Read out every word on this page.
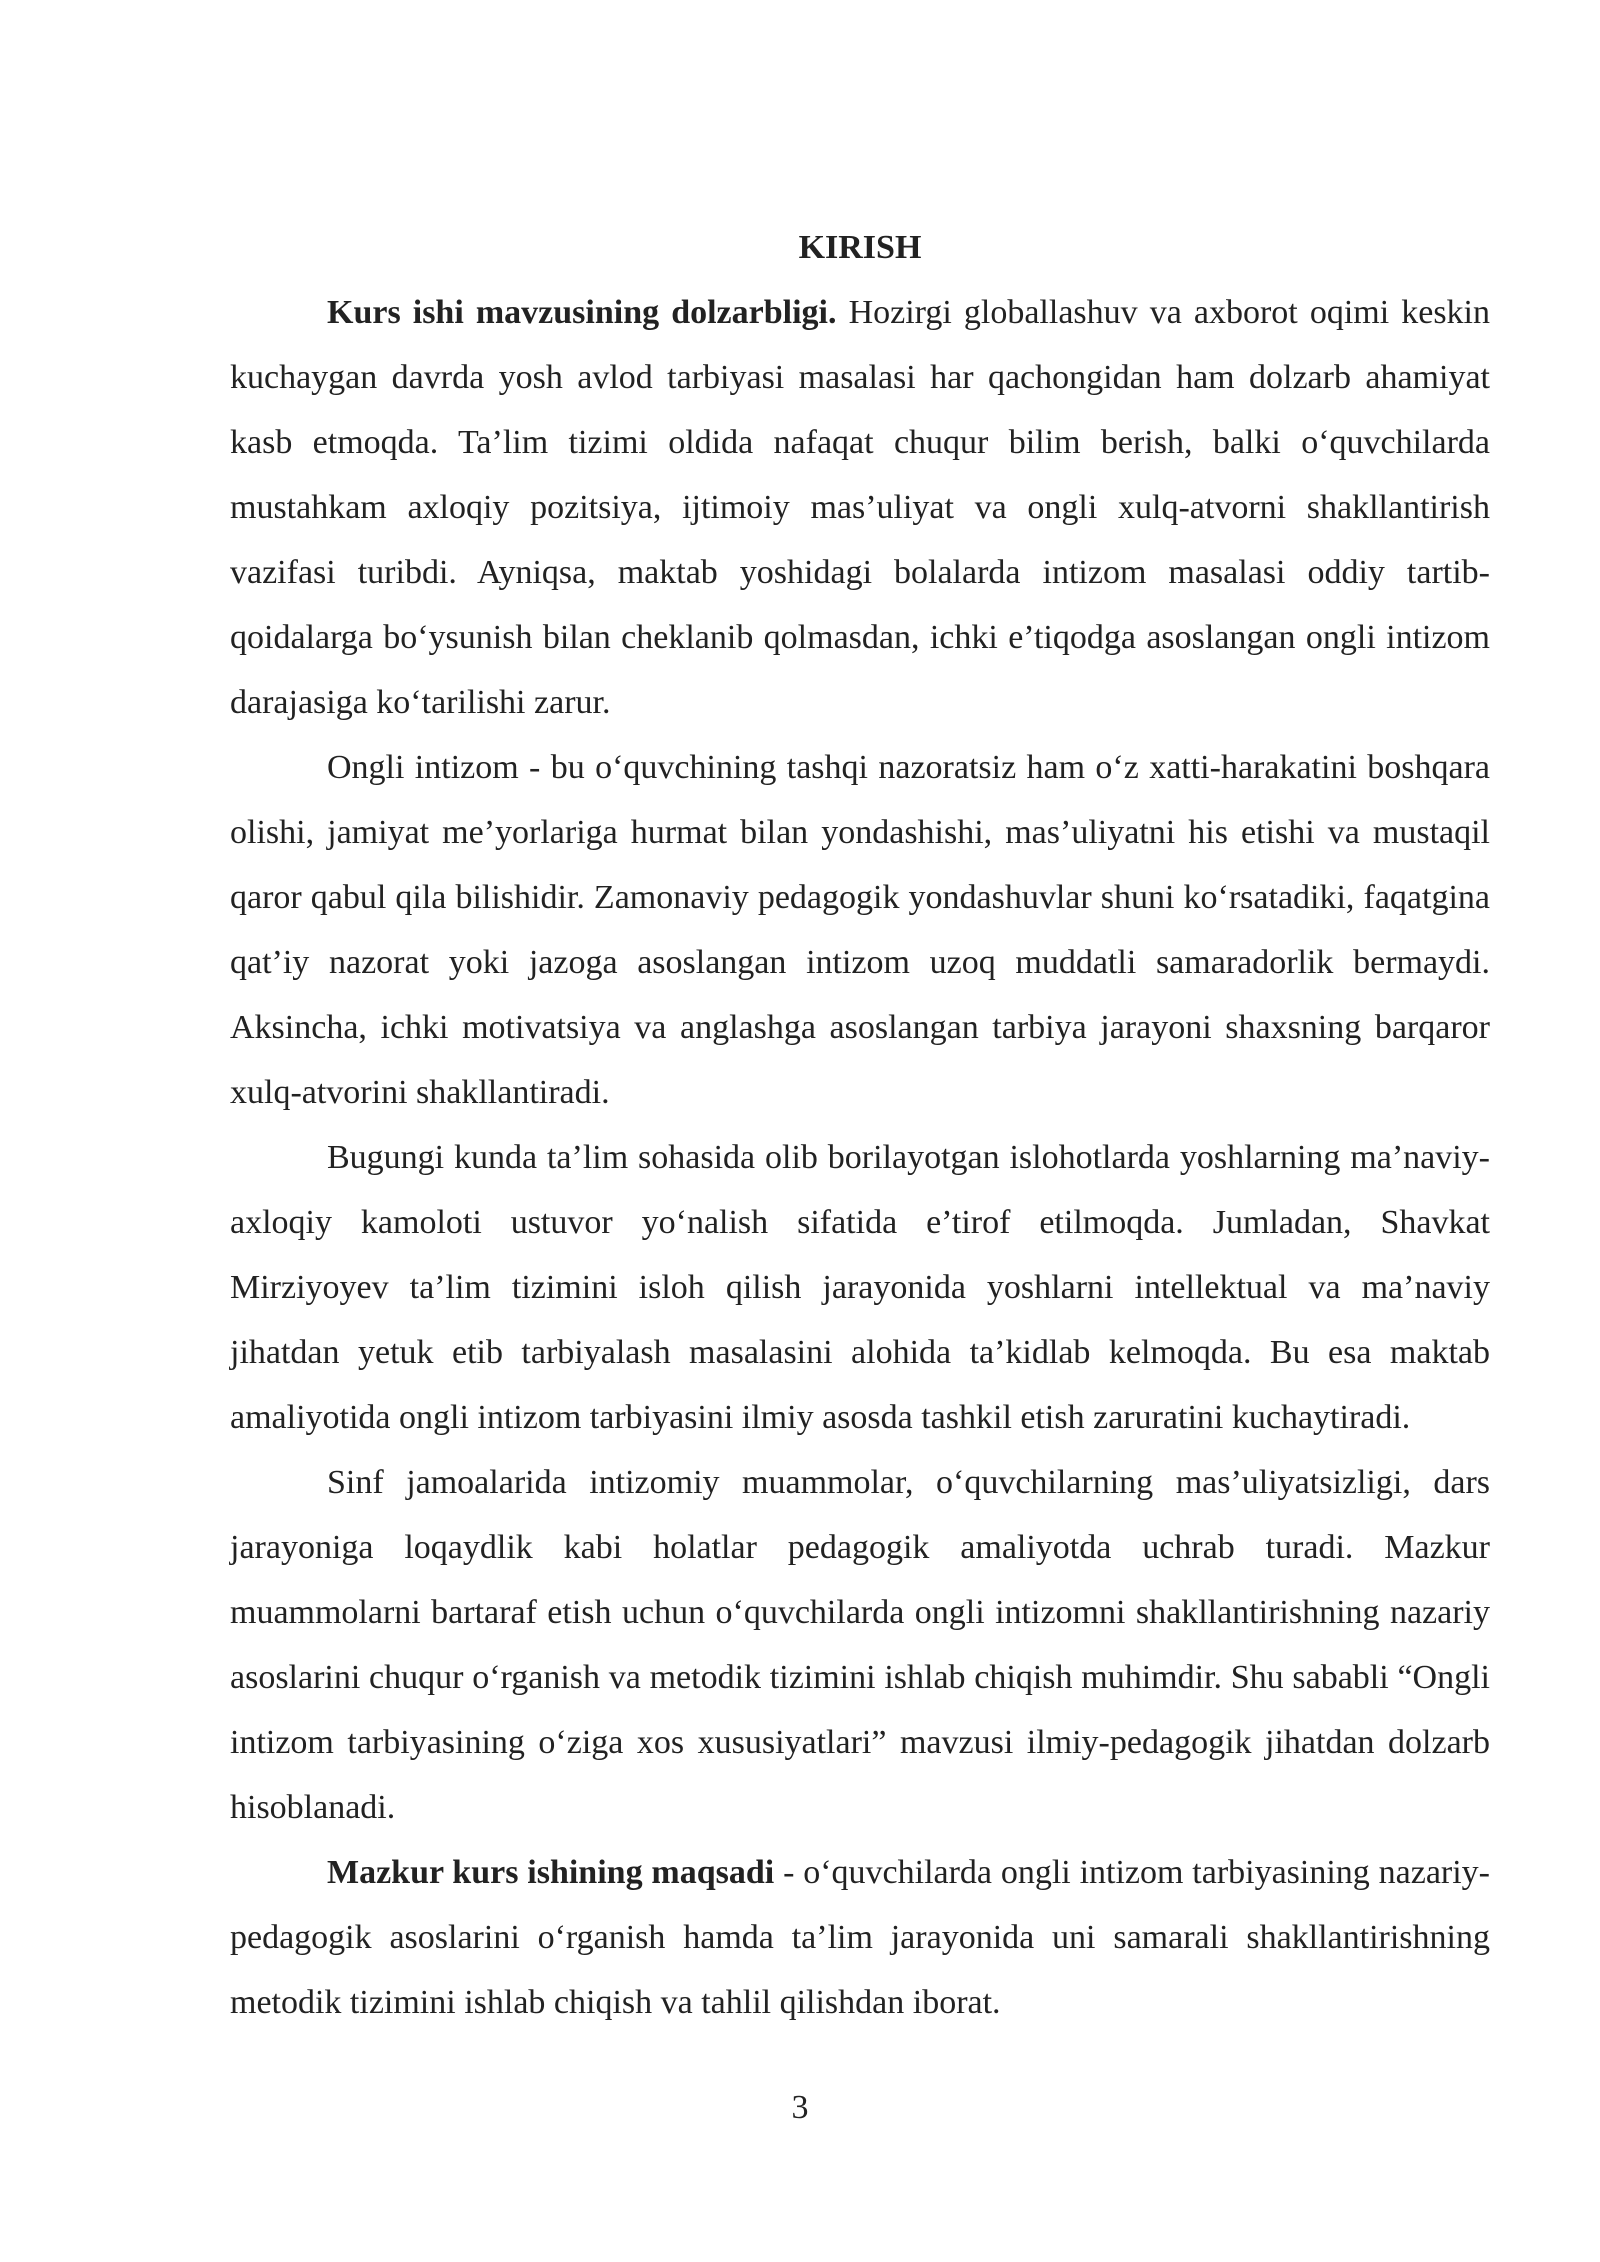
KIRISH

Kurs ishi mavzusining dolzarbligi. Hozirgi globallashuv va axborot oqimi keskin kuchaygan davrda yosh avlod tarbiyasi masalasi har qachongidan ham dolzarb ahamiyat kasb etmoqda. Ta’lim tizimi oldida nafaqat chuqur bilim berish, balki o‘quvchilarda mustahkam axloqiy pozitsiya, ijtimoiy mas’uliyat va ongli xulq-atvorni shakllantirish vazifasi turibdi. Ayniqsa, maktab yoshidagi bolalarda intizom masalasi oddiy tartib-qoidalarga bo‘ysunish bilan cheklanib qolmasdan, ichki e’tiqodga asoslangan ongli intizom darajasiga ko‘tarilishi zarur.

Ongli intizom - bu o‘quvchining tashqi nazoratsiz ham o‘z xatti-harakatini boshqara olishi, jamiyat me’yorlariga hurmat bilan yondashishi, mas’uliyatni his etishi va mustaqil qaror qabul qila bilishidir. Zamonaviy pedagogik yondashuvlar shuni ko‘rsatadiki, faqatgina qat’iy nazorat yoki jazoga asoslangan intizom uzoq muddatli samaradorlik bermaydi. Aksincha, ichki motivatsiya va anglashga asoslangan tarbiya jarayoni shaxsning barqaror xulq-atvorini shakllantiradi.

Bugungi kunda ta’lim sohasida olib borilayotgan islohotlarda yoshlarning ma’naviy-axloqiy kamoloti ustuvor yo‘nalish sifatida e’tirof etilmoqda. Jumladan, Shavkat Mirziyoyev ta’lim tizimini isloh qilish jarayonida yoshlarni intellektual va ma’naviy jihatdan yetuk etib tarbiyalash masalasini alohida ta’kidlab kelmoqda. Bu esa maktab amaliyotida ongli intizom tarbiyasini ilmiy asosda tashkil etish zaruratini kuchaytiradi.

Sinf jamoalarida intizomiy muammolar, o‘quvchilarning mas’uliyatsizligi, dars jarayoniga loqaydlik kabi holatlar pedagogik amaliyotda uchrab turadi. Mazkur muammolarni bartaraf etish uchun o‘quvchilarda ongli intizomni shakllantirishning nazariy asoslarini chuqur o‘rganish va metodik tizimini ishlab chiqish muhimdir. Shu sababli “Ongli intizom tarbiyasining o‘ziga xos xususiyatlari” mavzusi ilmiy-pedagogik jihatdan dolzarb hisoblanadi.

Mazkur kurs ishining maqsadi - o‘quvchilarda ongli intizom tarbiyasining nazariy-pedagogik asoslarini o‘rganish hamda ta’lim jarayonida uni samarali shakllantirishning metodik tizimini ishlab chiqish va tahlil qilishdan iborat.

3
